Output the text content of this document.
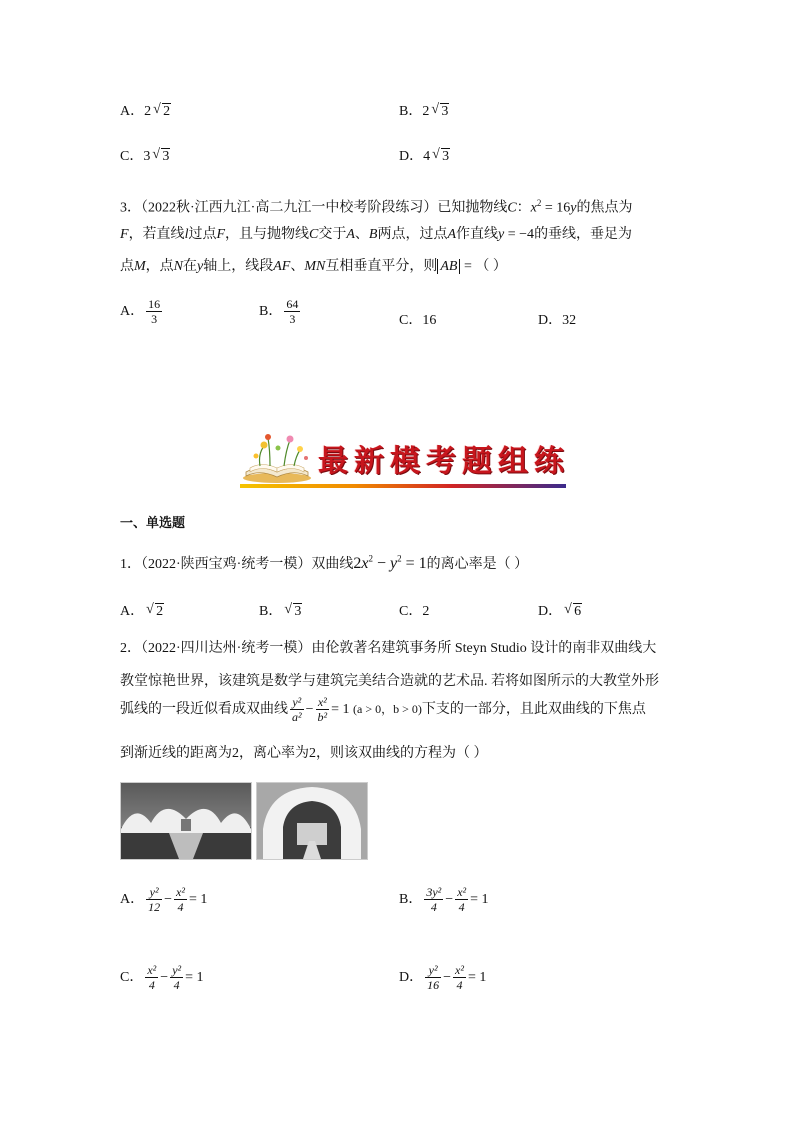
A．2 √ 2	B．2 √ 3
C．3 √ 3	D．4 √ 3
3．（2022秋·江西九江·高二九江一中校考阶段练习）已知抛物线C：$x^2 = 16y$的焦点为
F，若直线l过点F，且与抛物线C交于A、B两点，过点A作直线y = −4的垂线，垂足为
点M，点N在y轴上，线段AF、MN互相垂直平分，则 AB = （ ）
A． $\frac{16}{3}$	B． $\frac{64}{3}$	C．16	D．32
最新模考题组练
一、单选题
1．（2022·陕西宝鸡·统考一模）双曲线$2x^2 - y^2 = 1$的离心率是（ ）
A． √ 2	B． √ 3	C．2	D． √ 6
2．（2022·四川达州·统考一模）由伦敦著名建筑事务所 Steyn Studio 设计的南非双曲线大
教堂惊艳世界，该建筑是数学与建筑完美结合造就的艺术品. 若将如图所示的大教堂外形
弧线的一段近似看成双曲线 $\frac{\text{y²}}{\text{a²}} - \frac{\text{x²}}{\text{b²}} = 1$ (a > 0，b > 0)下支的一部分，且此双曲线的下焦点
到渐近线的距离为2，离心率为2，则该双曲线的方程为（ ）
A． $\frac{\text{y²}}{12} - \frac{\text{x²}}{4} = 1$	B． $\frac{\text{3y²}}{4} - \frac{\text{x²}}{4} = 1$
C． $\frac{\text{x²}}{4} - \frac{\text{y²}}{4} = 1$	D． $\frac{\text{y²}}{16} - \frac{\text{x²}}{4} = 1$
